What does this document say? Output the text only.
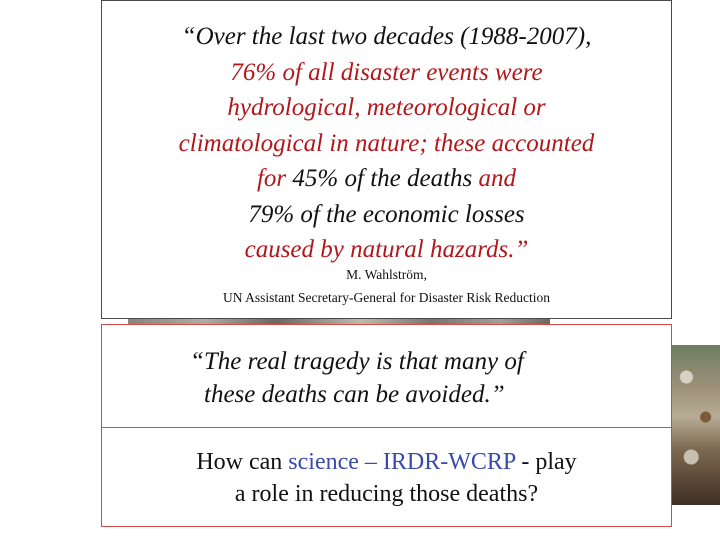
“Over the last two decades (1988-2007),
76% of all disaster events were
hydrological, meteorological or
climatological in nature; these accounted
for 45% of the deaths and
79% of the economic losses
caused by natural hazards.”

M. Wahlström,
UN Assistant Secretary-General for Disaster Risk Reduction

“The real tragedy is that many of
these deaths can be avoided.”

How can science – IRDR-WCRP - play
a role in reducing those deaths?
